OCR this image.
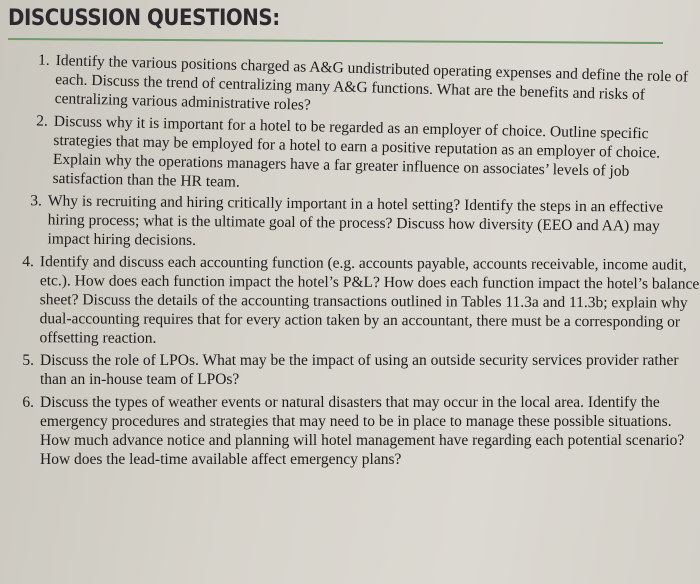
DISCUSSION QUESTIONS:
1. Identify the various positions charged as A&G undistributed operating expenses and define the role of each. Discuss the trend of centralizing many A&G functions. What are the benefits and risks of centralizing various administrative roles?
2. Discuss why it is important for a hotel to be regarded as an employer of choice. Outline specific strategies that may be employed for a hotel to earn a positive reputation as an employer of choice. Explain why the operations managers have a far greater influence on associates’ levels of job satisfaction than the HR team.
3. Why is recruiting and hiring critically important in a hotel setting? Identify the steps in an effective hiring process; what is the ultimate goal of the process? Discuss how diversity (EEO and AA) may impact hiring decisions.
4. Identify and discuss each accounting function (e.g. accounts payable, accounts receivable, income audit, etc.). How does each function impact the hotel’s P&L? How does each function impact the hotel’s balance sheet? Discuss the details of the accounting transactions outlined in Tables 11.3a and 11.3b; explain why dual-accounting requires that for every action taken by an accountant, there must be a corresponding or offsetting reaction.
5. Discuss the role of LPOs. What may be the impact of using an outside security services provider rather than an in-house team of LPOs?
6. Discuss the types of weather events or natural disasters that may occur in the local area. Identify the emergency procedures and strategies that may need to be in place to manage these possible situations. How much advance notice and planning will hotel management have regarding each potential scenario? How does the lead-time available affect emergency plans?
